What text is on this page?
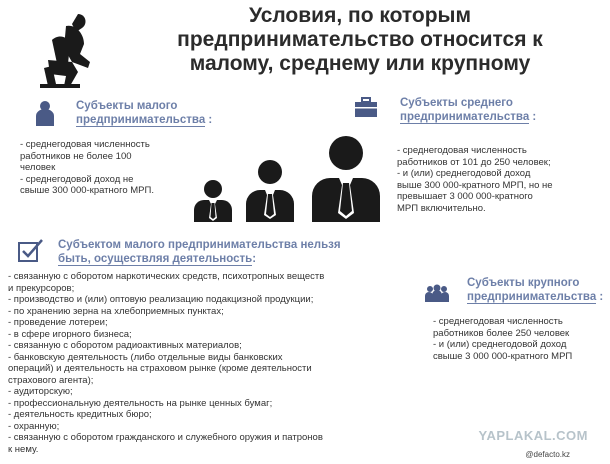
Условия, по которым
предпринимательство относится к
малому, среднему или крупному
Субъекты малого
предпринимательства :
- среднегодовая численность
работников не более 100
человек
- среднегодовой доход не
свыше 300 000-кратного МРП.
Субъекты среднего
предпринимательства :
- среднегодовая численность
работников от 101 до 250 человек;
- и (или) среднегодовой доход
выше 300 000-кратного МРП, но не
превышает 3 000 000-кратного
МРП включительно.
Субъектом малого предпринимательства нельзя
быть, осуществляя деятельность:
- связанную с оборотом наркотических средств, психотропных веществ
и прекурсоров;
- производство и (или) оптовую реализацию подакцизной продукции;
- по хранению зерна на хлебоприемных пунктах;
- проведение лотереи;
- в сфере игорного бизнеса;
- связанную с оборотом радиоактивных материалов;
- банковскую деятельность (либо отдельные виды банковских
операций) и деятельность на страховом рынке (кроме деятельности
страхового агента);
- аудиторскую;
- профессиональную деятельность на рынке ценных бумаг;
- деятельность кредитных бюро;
- охранную;
- связанную с оборотом гражданского и служебного оружия и патронов
к нему.
Субъекты крупного
предпринимательства :
- среднегодовая численность
работников более 250 человек
- и (или) среднегодовой доход
свыше 3 000 000-кратного МРП
YAPLAKAL.COM
@defacto.kz
